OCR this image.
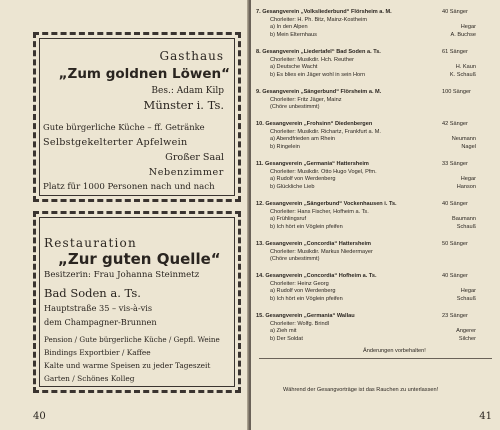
Gasthaus
„Zum goldnen Löwen“
Bes.: Adam Kilp
Münster i. Ts.
Gute bürgerliche Küche – ff. Getränke
Selbstgekelterter Apfelwein
Großer Saal
Nebenzimmer
Platz für 1000 Personen nach und nach
Restauration
„Zur guten Quelle“
Besitzerin: Frau Johanna Steinmetz
Bad Soden a. Ts.
Hauptstraße 35 – vis-à-vis
dem Champagner-Brunnen
Pension / Gute bürgerliche Küche / Gepfl. Weine
Bindings Exportbier / Kaffee
Kalte und warme Speisen zu jeder Tageszeit
Garten / Schönes Kolleg
40
7. Gesangverein „Volksliederbund“ Flörsheim a. M.	40 Sänger
Chorleiter: H. Ph. Bitz, Mainz-Kostheim
a) In den Alpen	Hegar
b) Mein Elternhaus	A. Buchse
8. Gesangverein „Liedertafel“ Bad Soden a. Ts.	61 Sänger
Chorleiter: Musikdir. Hch. Reuther
a) Deutsche Wacht	H. Kaun
b) Es blies ein Jäger wohl in sein Horn	K. Schauß
9. Gesangverein „Sängerbund“ Flörsheim a. M.	100 Sänger
Chorleiter: Fritz Jäger, Mainz
(Chöre unbestimmt)
10. Gesangverein „Frohsinn“ Diedenbergen	42 Sänger
Chorleiter: Musikdir. Richartz, Frankfurt a. M.
a) Abendfrieden am Rhein	Neumann
b) Ringelein	Nagel
11. Gesangverein „Germania“ Hattersheim	33 Sänger
Chorleiter: Musikdir. Otto Hugo Vogel, Pfm.
a) Rudolf von Werdenberg	Hegar
b) Glückliche Lieb	Hanson
12. Gesangverein „Sängerbund“ Vockenhausen i. Ts.	40 Sänger
Chorleiter: Hans Fischer, Hofheim a. Ts.
a) Frühlingsruf	Baumann
b) Ich hört ein Vöglein pfeifen	Schauß
13. Gesangverein „Concordia“ Hattersheim	50 Sänger
Chorleiter: Musikdir. Markus Niedermayer
(Chöre unbestimmt)
14. Gesangverein „Concordia“ Hofheim a. Ts.	40 Sänger
Chorleiter: Heinz Georg
a) Rudolf von Werdenberg	Hegar
b) Ich hört ein Vöglein pfeifen	Schauß
15. Gesangverein „Germania“ Wallau	23 Sänger
Chorleiter: Wolfg. Brindl
a) Zieh mit	Angerer
b) Der Soldat	Silcher
Änderungen vorbehalten!
Während der Gesangvorträge ist das Rauchen zu unterlassen!
41
